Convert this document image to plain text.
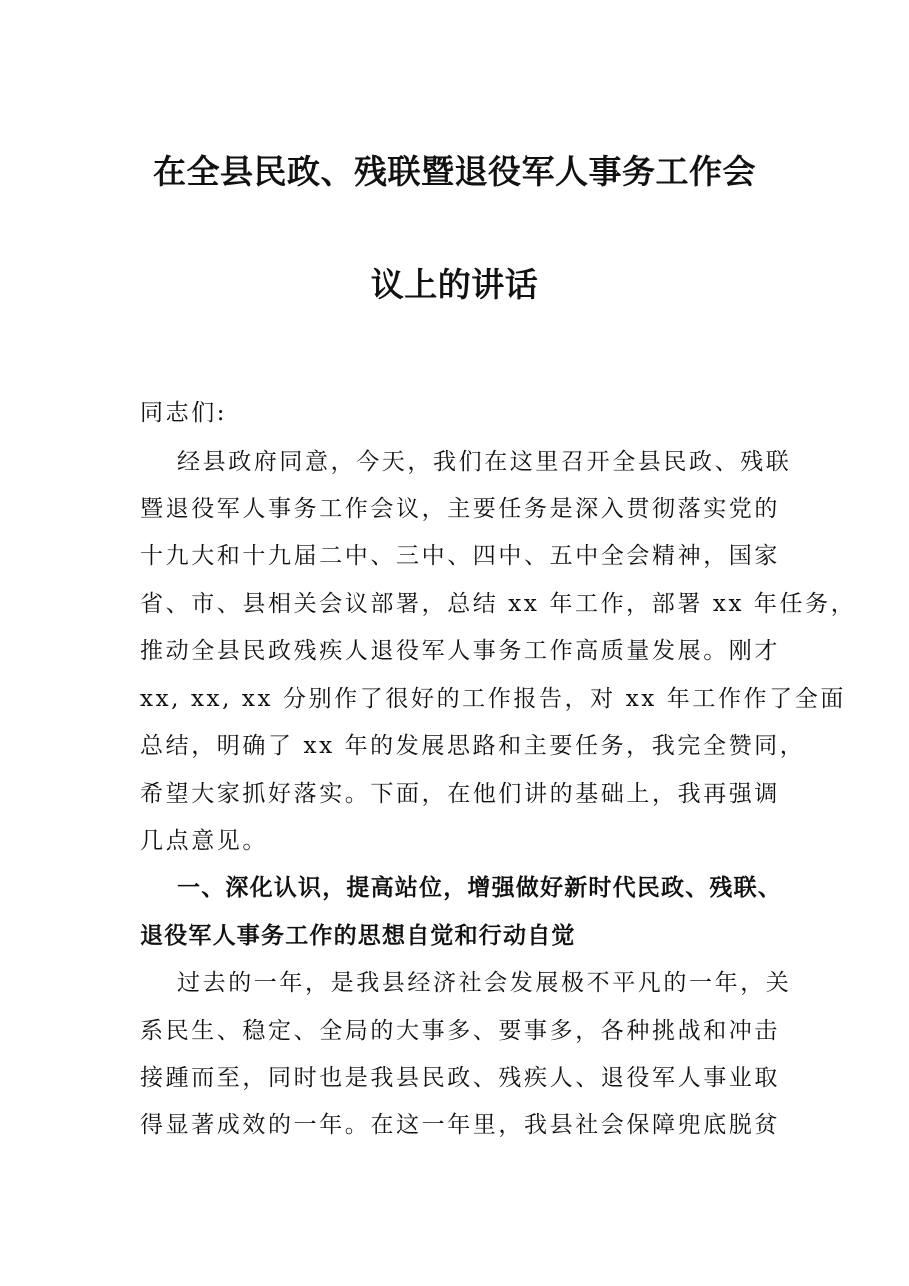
在全县民政、残联暨退役军人事务工作会
议上的讲话
同志们:
经县政府同意，今天，我们在这里召开全县民政、残联
暨退役军人事务工作会议，主要任务是深入贯彻落实党的
十九大和十九届二中、三中、四中、五中全会精神，国家
省、市、县相关会议部署，总结 xx 年工作，部署 xx 年任务，
推动全县民政残疾人退役军人事务工作高质量发展。刚才
xx, xx, xx 分别作了很好的工作报告，对 xx 年工作作了全面
总结，明确了 xx 年的发展思路和主要任务，我完全赞同，
希望大家抓好落实。下面，在他们讲的基础上，我再强调
几点意见。
一、深化认识，提高站位，增强做好新时代民政、残联、
退役军人事务工作的思想自觉和行动自觉
过去的一年，是我县经济社会发展极不平凡的一年，关
系民生、稳定、全局的大事多、要事多，各种挑战和冲击
接踵而至，同时也是我县民政、残疾人、退役军人事业取
得显著成效的一年。在这一年里，我县社会保障兜底脱贫
